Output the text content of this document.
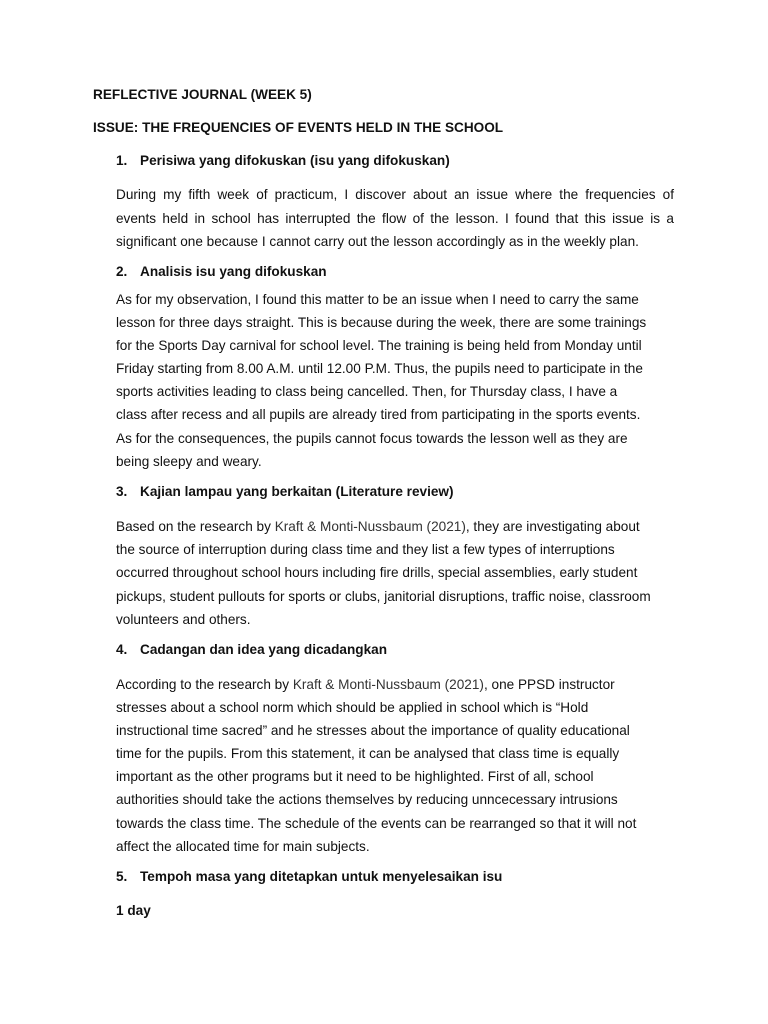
REFLECTIVE JOURNAL (WEEK 5)

ISSUE: THE FREQUENCIES OF EVENTS HELD IN THE SCHOOL

1. Perisiwa yang difokuskan (isu yang difokuskan)

During my fifth week of practicum, I discover about an issue where the frequencies of
events held in school has interrupted the flow of the lesson. I found that this issue is a
significant one because I cannot carry out the lesson accordingly as in the weekly plan.

2. Analisis isu yang difokuskan

As for my observation, I found this matter to be an issue when I need to carry the same
lesson for three days straight. This is because during the week, there are some trainings
for the Sports Day carnival for school level. The training is being held from Monday until
Friday starting from 8.00 A.M. until 12.00 P.M. Thus, the pupils need to participate in the
sports activities leading to class being cancelled. Then, for Thursday class, I have a
class after recess and all pupils are already tired from participating in the sports events.
As for the consequences, the pupils cannot focus towards the lesson well as they are
being sleepy and weary.

3. Kajian lampau yang berkaitan (Literature review)

Based on the research by Kraft & Monti-Nussbaum (2021), they are investigating about
the source of interruption during class time and they list a few types of interruptions
occurred throughout school hours including fire drills, special assemblies, early student
pickups, student pullouts for sports or clubs, janitorial disruptions, traffic noise, classroom
volunteers and others.

4. Cadangan dan idea yang dicadangkan

According to the research by Kraft & Monti-Nussbaum (2021), one PPSD instructor
stresses about a school norm which should be applied in school which is “Hold
instructional time sacred” and he stresses about the importance of quality educational
time for the pupils. From this statement, it can be analysed that class time is equally
important as the other programs but it need to be highlighted. First of all, school
authorities should take the actions themselves by reducing unncecessary intrusions
towards the class time. The schedule of the events can be rearranged so that it will not
affect the allocated time for main subjects.

5. Tempoh masa yang ditetapkan untuk menyelesaikan isu

1 day
